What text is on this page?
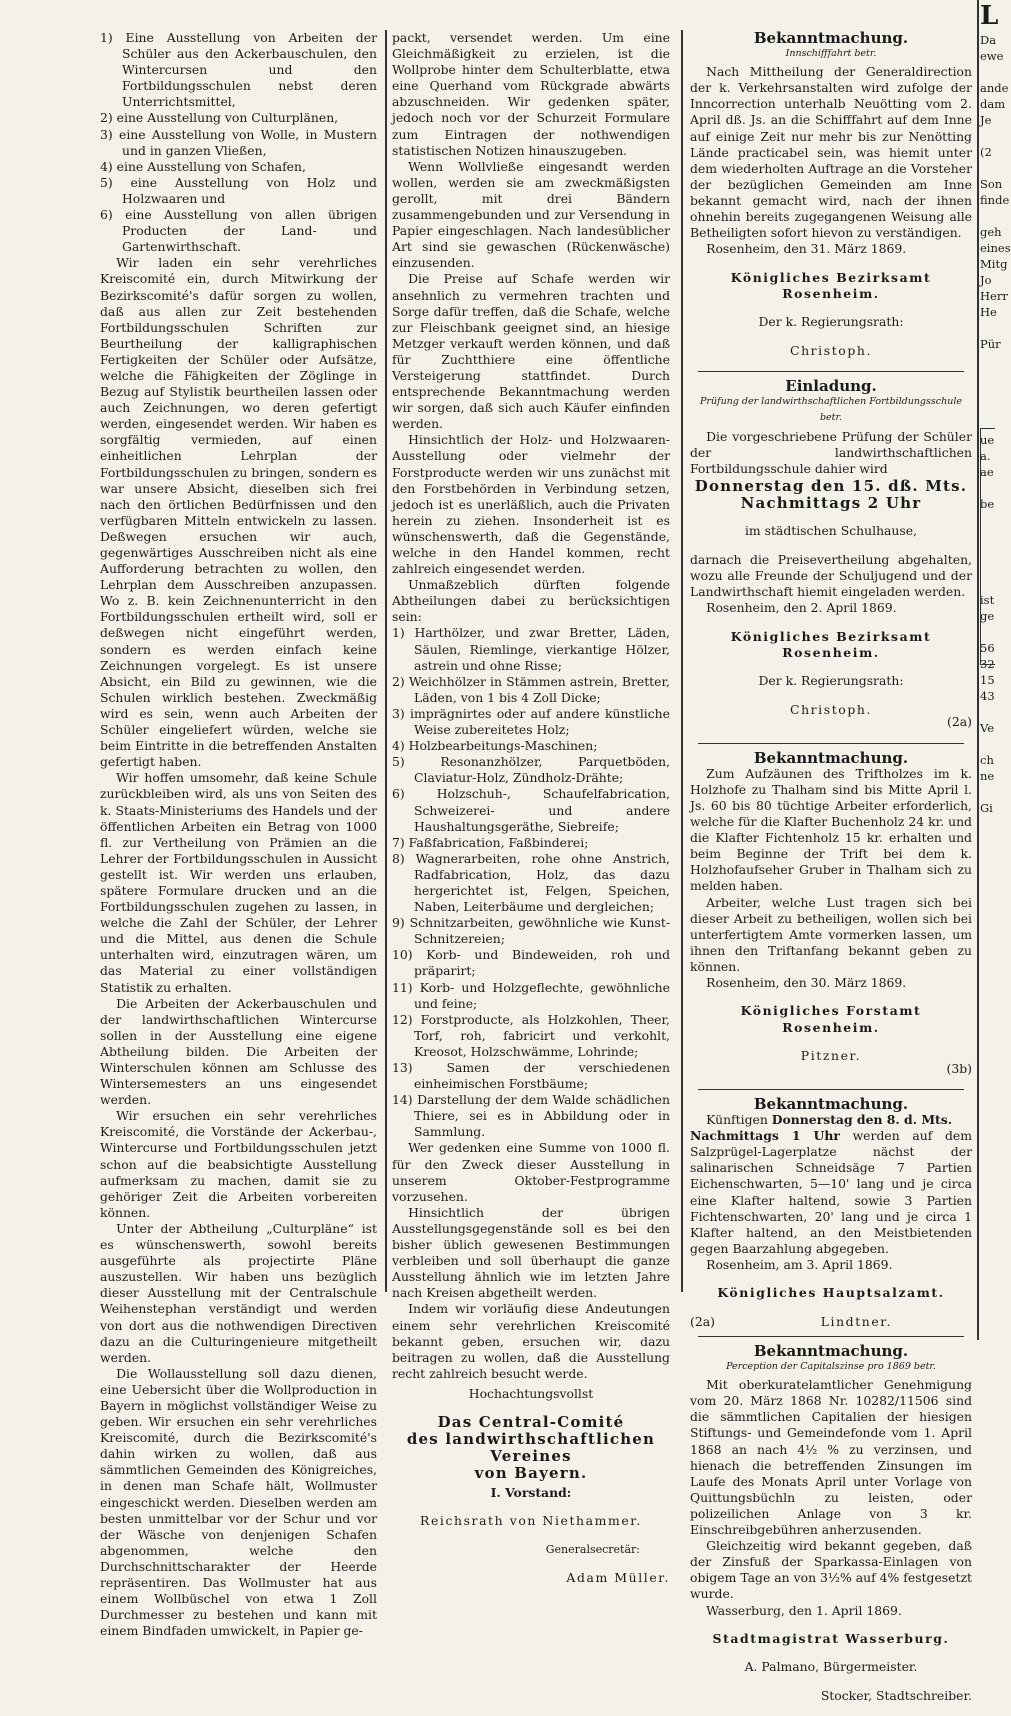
1) Eine Ausstellung von Arbeiten der Schüler aus den Ackerbauschulen, den Wintercursen und den Fortbildungsschulen nebst deren Unterrichtsmittel,

2) eine Ausstellung von Culturplänen,

3) eine Ausstellung von Wolle, in Mustern und in ganzen Vließen,

4) eine Ausstellung von Schafen,

5) eine Ausstellung von Holz und Holzwaaren und

6) eine Ausstellung von allen übrigen Producten der Land- und Gartenwirthschaft.

Wir laden ein sehr verehrliches Kreiscomité ein, durch Mitwirkung der Bezirkscomité's dafür sorgen zu wollen, daß aus allen zur Zeit bestehenden Fortbildungsschulen Schriften zur Beurtheilung der kalligraphischen Fertigkeiten der Schüler oder Aufsätze, welche die Fähigkeiten der Zöglinge in Bezug auf Stylistik beurtheilen lassen oder auch Zeichnungen, wo deren gefertigt werden, eingesendet werden. Wir haben es sorgfältig vermieden, auf einen einheitlichen Lehrplan der Fortbildungsschulen zu bringen, sondern es war unsere Absicht, dieselben sich frei nach den örtlichen Bedürfnissen und den verfügbaren Mitteln entwickeln zu lassen. Deßwegen ersuchen wir auch, gegenwärtiges Ausschreiben nicht als eine Aufforderung betrachten zu wollen, den Lehrplan dem Ausschreiben anzupassen. Wo z. B. kein Zeichnenunterricht in den Fortbildungsschulen ertheilt wird, soll er deßwegen nicht eingeführt werden, sondern es werden einfach keine Zeichnungen vorgelegt. Es ist unsere Absicht, ein Bild zu gewinnen, wie die Schulen wirklich bestehen. Zweckmäßig wird es sein, wenn auch Arbeiten der Schüler eingeliefert würden, welche sie beim Eintritte in die betreffenden Anstalten gefertigt haben.

Wir hoffen umsomehr, daß keine Schule zurückbleiben wird, als uns von Seiten des k. Staats-Ministeriums des Handels und der öffentlichen Arbeiten ein Betrag von 1000 fl. zur Vertheilung von Prämien an die Lehrer der Fortbildungsschulen in Aussicht gestellt ist. Wir werden uns erlauben, spätere Formulare drucken und an die Fortbildungsschulen zugehen zu lassen, in welche die Zahl der Schüler, der Lehrer und die Mittel, aus denen die Schule unterhalten wird, einzutragen wären, um das Material zu einer vollständigen Statistik zu erhalten.

Die Arbeiten der Ackerbauschulen und der landwirthschaftlichen Wintercurse sollen in der Ausstellung eine eigene Abtheilung bilden. Die Arbeiten der Winterschulen können am Schlusse des Wintersemesters an uns eingesendet werden.

Wir ersuchen ein sehr verehrliches Kreiscomité, die Vorstände der Ackerbau-, Wintercurse und Fortbildungsschulen jetzt schon auf die beabsichtigte Ausstellung aufmerksam zu machen, damit sie zu gehöriger Zeit die Arbeiten vorbereiten können.

Unter der Abtheilung „Culturpläne“ ist es wünschenswerth, sowohl bereits ausgeführte als projectirte Pläne auszustellen. Wir haben uns bezüglich dieser Ausstellung mit der Centralschule Weihenstephan verständigt und werden von dort aus die nothwendigen Directiven dazu an die Culturingenieure mitgetheilt werden.

Die Wollausstellung soll dazu dienen, eine Uebersicht über die Wollproduction in Bayern in möglichst vollständiger Weise zu geben. Wir ersuchen ein sehr verehrliches Kreiscomité, durch die Bezirkscomité's dahin wirken zu wollen, daß aus sämmtlichen Gemeinden des Königreiches, in denen man Schafe hält, Wollmuster eingeschickt werden. Dieselben werden am besten unmittelbar vor der Schur und vor der Wäsche von denjenigen Schafen abgenommen, welche den Durchschnittscharakter der Heerde repräsentiren. Das Wollmuster hat aus einem Wollbüschel von etwa 1 Zoll Durchmesser zu bestehen und kann mit einem Bindfaden umwickelt, in Papier ge-

packt, versendet werden. Um eine Gleichmäßigkeit zu erzielen, ist die Wollprobe hinter dem Schulterblatte, etwa eine Querhand vom Rückgrade abwärts abzuschneiden. Wir gedenken später, jedoch noch vor der Schurzeit Formulare zum Eintragen der nothwendigen statistischen Notizen hinauszugeben.

Wenn Wollvließe eingesandt werden wollen, werden sie am zweckmäßigsten gerollt, mit drei Bändern zusammengebunden und zur Versendung in Papier eingeschlagen. Nach landesüblicher Art sind sie gewaschen (Rückenwäsche) einzusenden.

Die Preise auf Schafe werden wir ansehnlich zu vermehren trachten und Sorge dafür treffen, daß die Schafe, welche zur Fleischbank geeignet sind, an hiesige Metzger verkauft werden können, und daß für Zuchtthiere eine öffentliche Versteigerung stattfindet. Durch entsprechende Bekanntmachung werden wir sorgen, daß sich auch Käufer einfinden werden.

Hinsichtlich der Holz- und Holzwaaren-Ausstellung oder vielmehr der Forstproducte werden wir uns zunächst mit den Forstbehörden in Verbindung setzen, jedoch ist es unerläßlich, auch die Privaten herein zu ziehen. Insonderheit ist es wünschenswerth, daß die Gegenstände, welche in den Handel kommen, recht zahlreich eingesendet werden.

Unmaßzeblich dürften folgende Abtheilungen dabei zu berücksichtigen sein:

1) Harthölzer, und zwar Bretter, Läden, Säulen, Riemlinge, vierkantige Hölzer, astrein und ohne Risse;

2) Weichhölzer in Stämmen astrein, Bretter, Läden, von 1 bis 4 Zoll Dicke;

3) imprägnirtes oder auf andere künstliche Weise zubereitetes Holz;

4) Holzbearbeitungs-Maschinen;

5) Resonanzhölzer, Parquetböden, Claviatur-Holz, Zündholz-Drähte;

6) Holzschuh-, Schaufelfabrication, Schweizerei- und andere Haushaltungsgeräthe, Siebreife;

7) Faßfabrication, Faßbinderei;

8) Wagnerarbeiten, rohe ohne Anstrich, Radfabrication, Holz, das dazu hergerichtet ist, Felgen, Speichen, Naben, Leiterbäume und dergleichen;

9) Schnitzarbeiten, gewöhnliche wie Kunst-Schnitzereien;

10) Korb- und Bindeweiden, roh und präparirt;

11) Korb- und Holzgeflechte, gewöhnliche und feine;

12) Forstproducte, als Holzkohlen, Theer, Torf, roh, fabricirt und verkohlt, Kreosot, Holzschwämme, Lohrinde;

13) Samen der verschiedenen einheimischen Forstbäume;

14) Darstellung der dem Walde schädlichen Thiere, sei es in Abbildung oder in Sammlung.

Wer gedenken eine Summe von 1000 fl. für den Zweck dieser Ausstellung in unserem Oktober-Festprogramme vorzusehen.

Hinsichtlich der übrigen Ausstellungsgegenstände soll es bei den bisher üblich gewesenen Bestimmungen verbleiben und soll überhaupt die ganze Ausstellung ähnlich wie im letzten Jahre nach Kreisen abgetheilt werden.

Indem wir vorläufig diese Andeutungen einem sehr verehrlichen Kreiscomité bekannt geben, ersuchen wir, dazu beitragen zu wollen, daß die Ausstellung recht zahlreich besucht werde.

Hochachtungsvollst

Das Central-Comité

des landwirthschaftlichen Vereines

von Bayern.

I. Vorstand:

Reichsrath von Niethammer.

Generalsecretär:

Adam Müller.

Bekanntmachung.

Innschifffahrt betr.

Nach Mittheilung der Generaldirection der k. Verkehrsanstalten wird zufolge der Inncorrection unterhalb Neuötting vom 2. April dß. Js. an die Schifffahrt auf dem Inne auf einige Zeit nur mehr bis zur Nenötting Lände practicabel sein, was hiemit unter dem wiederholten Auftrage an die Vorsteher der bezüglichen Gemeinden am Inne bekannt gemacht wird, nach der ihnen ohnehin bereits zugegangenen Weisung alle Betheiligten sofort hievon zu verständigen.

Rosenheim, den 31. März 1869.

Königliches Bezirksamt Rosenheim.

Der k. Regierungsrath:

Christoph.

Einladung.

Prüfung der landwirthschaftlichen Fortbildungsschule betr.

Die vorgeschriebene Prüfung der Schüler der landwirthschaftlichen Fortbildungsschule dahier wird

Donnerstag den 15. dß. Mts.

Nachmittags 2 Uhr

im städtischen Schulhause,

darnach die Preisevertheilung abgehalten, wozu alle Freunde der Schuljugend und der Landwirthschaft hiemit eingeladen werden.

Rosenheim, den 2. April 1869.

Königliches Bezirksamt Rosenheim.

Der k. Regierungsrath:

Christoph.

(2a)

Bekanntmachung.

Zum Aufzäunen des Triftholzes im k. Holzhofe zu Thalham sind bis Mitte April l. Js. 60 bis 80 tüchtige Arbeiter erforderlich, welche für die Klafter Buchenholz 24 kr. und die Klafter Fichtenholz 15 kr. erhalten und beim Beginne der Trift bei dem k. Holzhofaufseher Gruber in Thalham sich zu melden haben.

Arbeiter, welche Lust tragen sich bei dieser Arbeit zu betheiligen, wollen sich bei unterfertigtem Amte vormerken lassen, um ihnen den Triftanfang bekannt geben zu können.

Rosenheim, den 30. März 1869.

Königliches Forstamt Rosenheim.

Pitzner.

(3b)

Bekanntmachung.

Künftigen Donnerstag den 8. d. Mts.

Nachmittags 1 Uhr werden auf dem Salzprügel-Lagerplatze nächst der salinarischen Schneidsäge 7 Partien Eichenschwarten, 5—10' lang und je circa eine Klafter haltend, sowie 3 Partien Fichtenschwarten, 20' lang und je circa 1 Klafter haltend, an den Meistbietenden gegen Baarzahlung abgegeben.

Rosenheim, am 3. April 1869.

Königliches Hauptsalzamt.

(2a)	Lindtner.

Bekanntmachung.

Perception der Capitalszinse pro 1869 betr.

Mit oberkuratelamtlicher Genehmigung vom 20. März 1868 Nr. 10282/11506 sind die sämmtlichen Capitalien der hiesigen Stiftungs- und Gemeindefonde vom 1. April 1868 an nach 4½ % zu verzinsen, und hienach die betreffenden Zinsungen im Laufe des Monats April unter Vorlage von Quittungsbüchln zu leisten, oder polizeilichen Anlage von 3 kr. Einschreibgebühren anherzusenden.

Gleichzeitig wird bekannt gegeben, daß der Zinsfuß der Sparkassa-Einlagen von obigem Tage an von 3½% auf 4% festgesetzt wurde.

Wasserburg, den 1. April 1869.

Stadtmagistrat Wasserburg.

A. Palmano, Bürgermeister.

Stocker, Stadtschreiber.

L
Da
ewe

ande
dam
Je

(2

Son
finde

geh
eines
Mitg
Jo
Herr
He

Pür

ue
a.
ae

be

ist
ge

56
32
15
43

Ve

ch
ne

Gi
